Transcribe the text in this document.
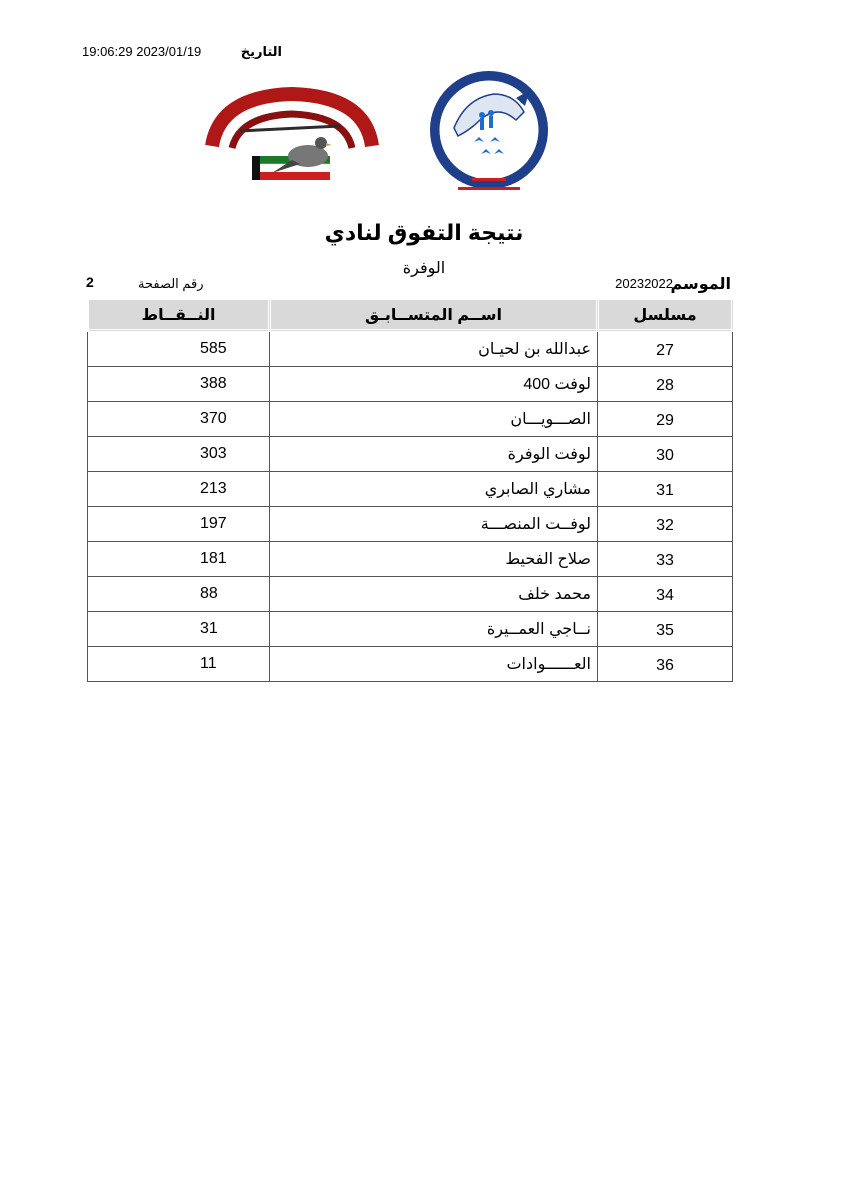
19:06:29 2023/01/19	التاريخ
نتيجة التفوق لنادي
الوفرة
2	رقم الصفحة	20232022
الموسم
مسلسل	اســم المتســابـق	النــقــاط
27	عبدالله بن لحيـان	585
28	لوفت 400	388
29	الصـــويـــان	370
30	لوفت الوفرة	303
31	مشاري الصابري	213
32	لوفــت المنصـــة	197
33	صلاح الفحيط	181
34	محمد خلف	88
35	نــاجي العمــيرة	31
36	العــــــوادات	11
